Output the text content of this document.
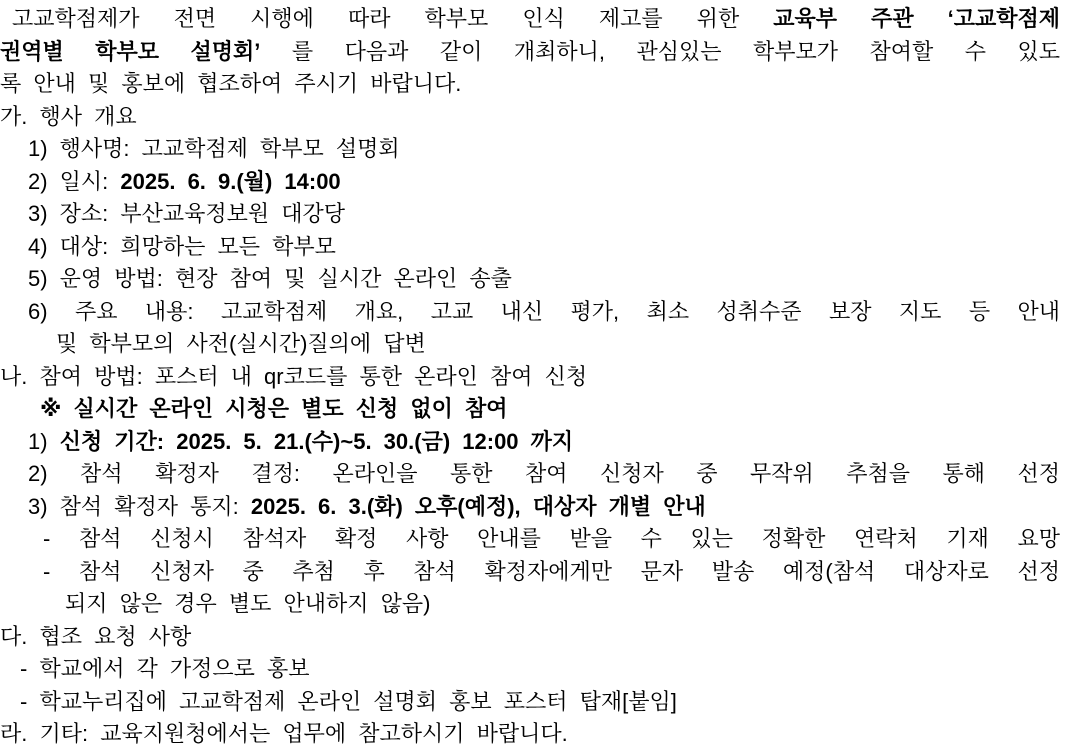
고교학점제가 전면 시행에 따라 학부모 인식 제고를 위한 교육부 주관 ‘고교학점제
권역별 학부모 설명회’ 를 다음과 같이 개최하니, 관심있는 학부모가 참여할 수 있도
록 안내 및 홍보에 협조하여 주시기 바랍니다.
가. 행사 개요
1) 행사명: 고교학점제 학부모 설명회
2) 일시: 2025. 6. 9.(월) 14:00
3) 장소: 부산교육정보원 대강당
4) 대상: 희망하는 모든 학부모
5) 운영 방법: 현장 참여 및 실시간 온라인 송출
6) 주요 내용: 고교학점제 개요, 고교 내신 평가, 최소 성취수준 보장 지도 등 안내
및 학부모의 사전(실시간)질의에 답변
나. 참여 방법: 포스터 내 qr코드를 통한 온라인 참여 신청
※ 실시간 온라인 시청은 별도 신청 없이 참여
1) 신청 기간: 2025. 5. 21.(수)~5. 30.(금) 12:00 까지
2) 참석 확정자 결정: 온라인을 통한 참여 신청자 중 무작위 추첨을 통해 선정
3) 참석 확정자 통지: 2025. 6. 3.(화) 오후(예정), 대상자 개별 안내
- 참석 신청시 참석자 확정 사항 안내를 받을 수 있는 정확한 연락처 기재 요망
- 참석 신청자 중 추첨 후 참석 확정자에게만 문자 발송 예정(참석 대상자로 선정
되지 않은 경우 별도 안내하지 않음)
다. 협조 요청 사항
- 학교에서 각 가정으로 홍보
- 학교누리집에 고교학점제 온라인 설명회 홍보 포스터 탑재[붙임]
라. 기타: 교육지원청에서는 업무에 참고하시기 바랍니다.
